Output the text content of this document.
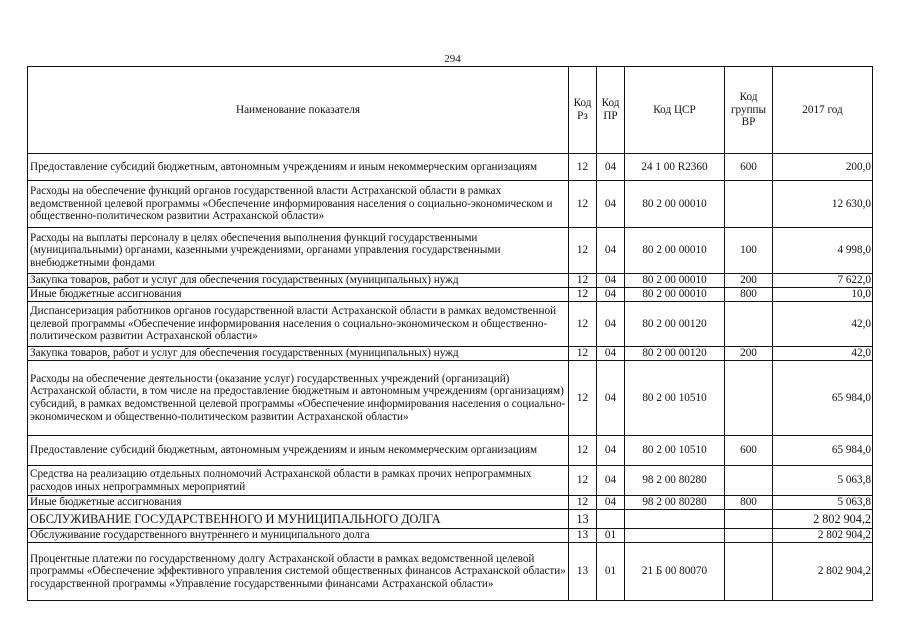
294
Наименование показателя	Код Рз	Код ПР	Код ЦСР	Код группы ВР	2017 год
Предоставление субсидий бюджетным, автономным учреждениям и иным некоммерческим организациям	12	04	24 1 00 R2360	600	200,0
Расходы на обеспечение функций органов государственной власти Астраханской области в рамках ведомственной целевой программы «Обеспечение информирования населения о социально-экономическом и общественно-политическом развитии Астраханской области»	12	04	80 2 00 00010		12 630,0
Расходы на выплаты персоналу в целях обеспечения выполнения функций государственными (муниципальными) органами, казенными учреждениями, органами управления государственными внебюджетными фондами	12	04	80 2 00 00010	100	4 998,0
Закупка товаров, работ и услуг для обеспечения государственных (муниципальных) нужд	12	04	80 2 00 00010	200	7 622,0
Иные бюджетные ассигнования	12	04	80 2 00 00010	800	10,0
Диспансеризация работников органов государственной власти Астраханской области в рамках ведомственной целевой программы «Обеспечение информирования населения о социально-экономическом и общественно-политическом развитии Астраханской области»	12	04	80 2 00 00120		42,0
Закупка товаров, работ и услуг для обеспечения государственных (муниципальных) нужд	12	04	80 2 00 00120	200	42,0
Расходы на обеспечение деятельности (оказание услуг) государственных учреждений (организаций) Астраханской области, в том числе на предоставление бюджетным и автономным учреждениям (организациям) субсидий, в рамках ведомственной целевой программы «Обеспечение информирования населения о социально-экономическом и общественно-политическом развитии Астраханской области»	12	04	80 2 00 10510		65 984,0
Предоставление субсидий бюджетным, автономным учреждениям и иным некоммерческим организациям	12	04	80 2 00 10510	600	65 984,0
Средства на реализацию отдельных полномочий Астраханской области в рамках прочих непрограммных расходов иных непрограммных мероприятий	12	04	98 2 00 80280		5 063,8
Иные бюджетные ассигнования	12	04	98 2 00 80280	800	5 063,8
ОБСЛУЖИВАНИЕ ГОСУДАРСТВЕННОГО И МУНИЦИПАЛЬНОГО ДОЛГА	13				2 802 904,2
Обслуживание государственного внутреннего и муниципального долга	13	01			2 802 904,2
Процентные платежи по государственному долгу Астраханской области в рамках ведомственной целевой программы «Обеспечение эффективного управления системой общественных финансов Астраханской области» государственной программы «Управление государственными финансами Астраханской области»	13	01	21 Б 00 80070		2 802 904,2
